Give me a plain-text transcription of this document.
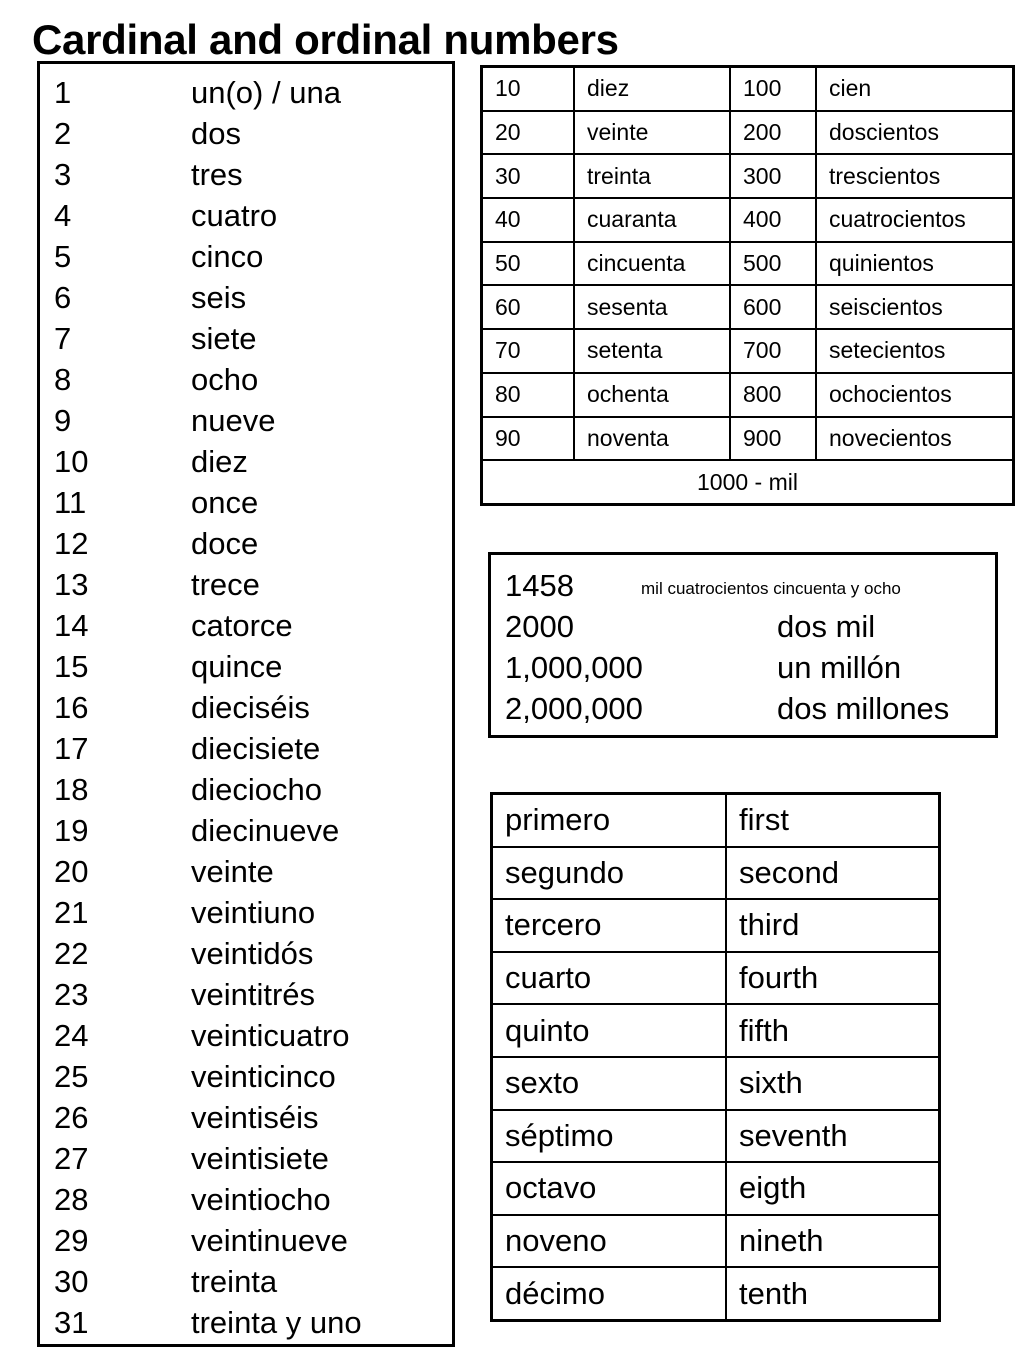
Cardinal and ordinal numbers
1	un(o) / una
2	dos
3	tres
4	cuatro
5	cinco
6	seis
7	siete
8	ocho
9	nueve
10	diez
11	once
12	doce
13	trece
14	catorce
15	quince
16	dieciséis
17	diecisiete
18	dieciocho
19	diecinueve
20	veinte
21	veintiuno
22	veintidós
23	veintitrés
24	veinticuatro
25	veinticinco
26	veintiséis
27	veintisiete
28	veintiocho
29	veintinueve
30	treinta
31	treinta y uno
10	diez	100	cien
20	veinte	200	doscientos
30	treinta	300	trescientos
40	cuaranta	400	cuatrocientos
50	cincuenta	500	quinientos
60	sesenta	600	seiscientos
70	setenta	700	setecientos
80	ochenta	800	ochocientos
90	noventa	900	novecientos
1000 - mil			
1458	mil cuatrocientos cincuenta y ocho
2000	dos mil
1,000,000	un millón
2,000,000	dos millones
primero	first
segundo	second
tercero	third
cuarto	fourth
quinto	fifth
sexto	sixth
séptimo	seventh
octavo	eigth
noveno	nineth
décimo	tenth
